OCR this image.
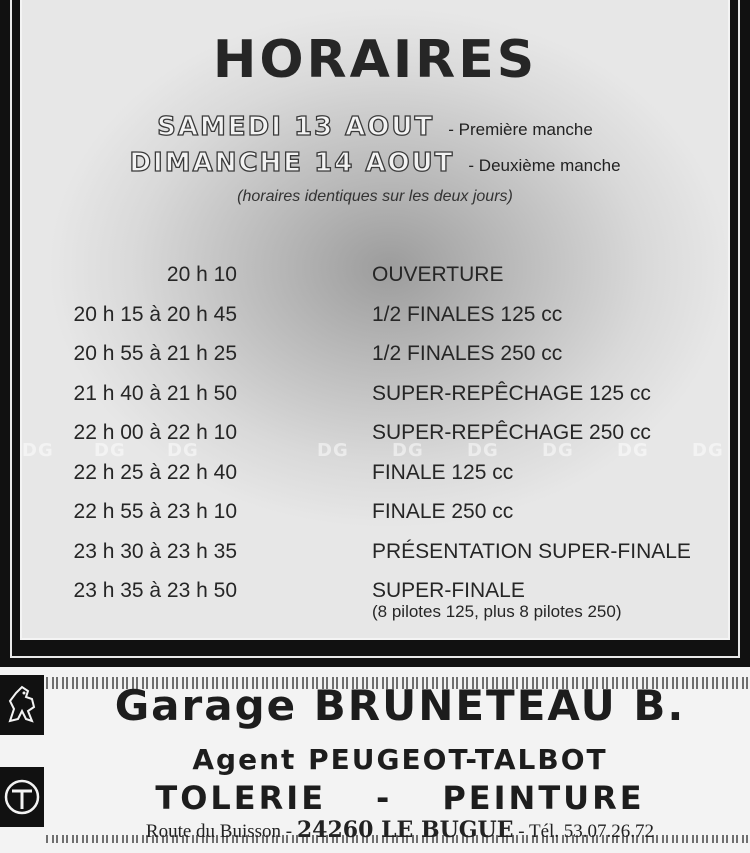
HORAIRES
SAMEDI 13 AOUT - Première manche
DIMANCHE 14 AOUT - Deuxième manche
(horaires identiques sur les deux jours)
DG DG DG	DG DG DG DG DG DG
20 h 10	OUVERTURE
20 h 15 à 20 h 45	1/2 FINALES 125 cc
20 h 55 à 21 h 25	1/2 FINALES 250 cc
21 h 40 à 21 h 50	SUPER-REPÊCHAGE 125 cc
22 h 00 à 22 h 10	SUPER-REPÊCHAGE 250 cc
22 h 25 à 22 h 40	FINALE 125 cc
22 h 55 à 23 h 10	FINALE 250 cc
23 h 30 à 23 h 35	PRÉSENTATION SUPER-FINALE
23 h 35 à 23 h 50	SUPER-FINALE
(8 pilotes 125, plus 8 pilotes 250)
Garage BRUNETEAU B.
Agent PEUGEOT-TALBOT
TOLERIE - PEINTURE
Route du Buisson - 24260 LE BUGUE - Tél. 53.07.26.72
